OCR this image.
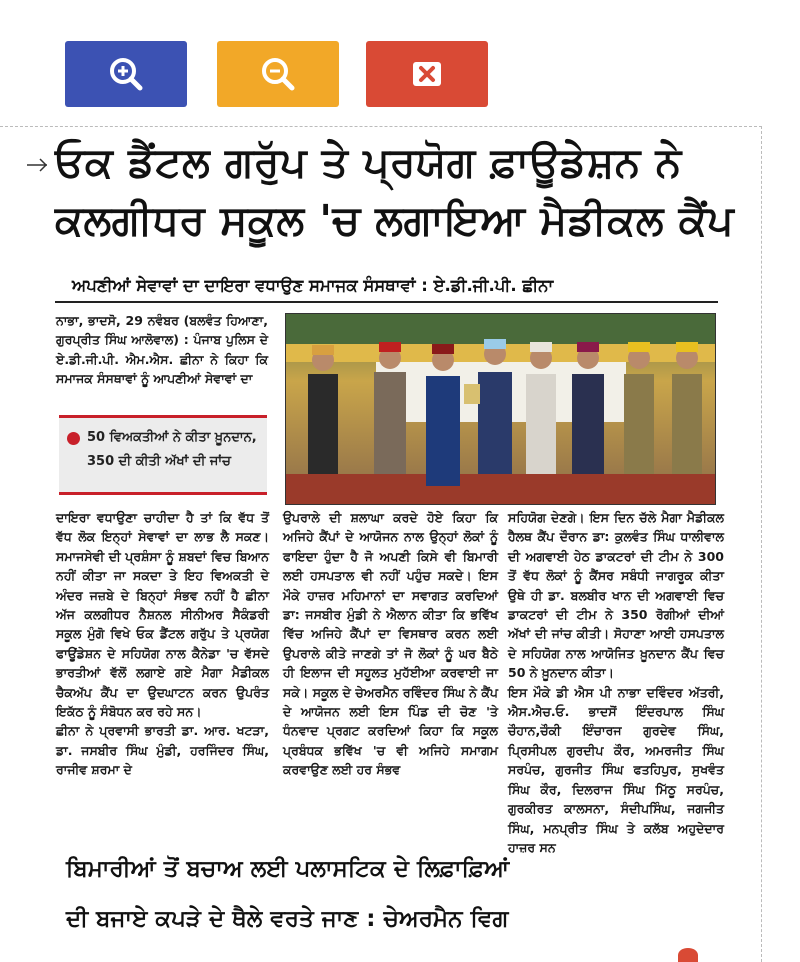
ਓਕ ਡੈਂਟਲ ਗਰੁੱਪ ਤੇ ਪ੍ਰਯੋਗ ਫ਼ਾਊਡੇਸ਼ਨ ਨੇ
ਕਲਗੀਧਰ ਸਕੂਲ 'ਚ ਲਗਾਇਆ ਮੈਡੀਕਲ ਕੈਂਪ
ਅਪਣੀਆਂ ਸੇਵਾਵਾਂ ਦਾ ਦਾਇਰਾ ਵਧਾਉਣ ਸਮਾਜਕ ਸੰਸਥਾਵਾਂ : ਏ.ਡੀ.ਜੀ.ਪੀ. ਛੀਨਾ

ਨਾਭਾ, ਭਾਦਸੋ, 29 ਨਵੰਬਰ (ਬਲਵੰਤ ਹਿਆਣਾ, ਗੁਰਪ੍ਰੀਤ ਸਿੰਘ ਆਲੋਵਾਲ) : ਪੰਜਾਬ ਪੁਲਿਸ ਦੇ ਏ.ਡੀ.ਜੀ.ਪੀ. ਐਮ.ਐਸ. ਛੀਨਾ ਨੇ ਕਿਹਾ ਕਿ ਸਮਾਜਕ ਸੰਸਥਾਵਾਂ ਨੂੰ ਆਪਣੀਆਂ ਸੇਵਾਵਾਂ ਦਾ

50 ਵਿਅਕਤੀਆਂ ਨੇ ਕੀਤਾ ਖ਼ੂਨਦਾਨ,
350 ਦੀ ਕੀਤੀ ਅੱਖਾਂ ਦੀ ਜਾਂਚ

ਦਾਇਰਾ ਵਧਾਉਣਾ ਚਾਹੀਦਾ ਹੈ ਤਾਂ ਕਿ ਵੱਧ ਤੋਂ ਵੱਧ ਲੋਕ ਇਨ੍ਹਾਂ ਸੇਵਾਵਾਂ ਦਾ ਲਾਭ ਲੈ ਸਕਣ। ਸਮਾਜਸੇਵੀ ਦੀ ਪ੍ਰਸ਼ੰਸਾ ਨੂੰ ਸ਼ਬਦਾਂ ਵਿਚ ਬਿਆਨ ਨਹੀਂ ਕੀਤਾ ਜਾ ਸਕਦਾ ਤੇ ਇਹ ਵਿਅਕਤੀ ਦੇ ਅੰਦਰ ਜਜ਼ਬੇ ਦੇ ਬਿਨ੍ਹਾਂ ਸੰਭਵ ਨਹੀਂ ਹੈ ਛੀਨਾ ਅੱਜ ਕਲਗੀਧਰ ਨੈਸ਼ਨਲ ਸੀਨੀਅਰ ਸੈਕੰਡਰੀ ਸਕੂਲ ਮੁੰਗੋ ਵਿਖੇ ਓਕ ਡੈਂਟਲ ਗਰੁੱਪ ਤੇ ਪ੍ਰਯੋਗ ਫਾਊਂਡੇਸ਼ਨ ਦੇ ਸਹਿਯੋਗ ਨਾਲ ਕੈਨੇਡਾ 'ਚ ਵੱਸਦੇ ਭਾਰਤੀਆਂ ਵੱਲੋਂ ਲਗਾਏ ਗਏ ਮੈਗਾ ਮੈਡੀਕਲ ਚੈਕਅੱਪ ਕੈਂਪ ਦਾ ਉਦਘਾਟਨ ਕਰਨ ਉਪਰੰਤ ਇਕੱਠ ਨੂੰ ਸੰਬੋਧਨ ਕਰ ਰਹੇ ਸਨ।

ਛੀਨਾ ਨੇ ਪ੍ਰਵਾਸੀ ਭਾਰਤੀ ਡਾ. ਆਰ. ਖਟੜਾ, ਡਾ. ਜਸਬੀਰ ਸਿੰਘ ਮੁੰਡੀ, ਹਰਜਿੰਦਰ ਸਿੰਘ, ਰਾਜੀਵ ਸ਼ਰਮਾ ਦੇ

ਉਪਰਾਲੇ ਦੀ ਸ਼ਲਾਘਾ ਕਰਦੇ ਹੋਏ ਕਿਹਾ ਕਿ ਅਜਿਹੇ ਕੈਂਪਾਂ ਦੇ ਆਯੋਜਨ ਨਾਲ ਉਨ੍ਹਾਂ ਲੋਕਾਂ ਨੂੰ ਫਾਇਦਾ ਹੁੰਦਾ ਹੈ ਜੋ ਅਪਣੀ ਕਿਸੇ ਵੀ ਬਿਮਾਰੀ ਲਈ ਹਸਪਤਾਲ ਵੀ ਨਹੀਂ ਪਹੁੰਚ ਸਕਦੇ। ਇਸ ਮੌਕੇ ਹਾਜ਼ਰ ਮਹਿਮਾਨਾਂ ਦਾ ਸਵਾਗਤ ਕਰਦਿਆਂ ਡਾ: ਜਸਬੀਰ ਮੁੰਡੀ ਨੇ ਐਲਾਨ ਕੀਤਾ ਕਿ ਭਵਿੱਖ ਵਿੱਚ ਅਜਿਹੇ ਕੈਂਪਾਂ ਦਾ ਵਿਸਥਾਰ ਕਰਨ ਲਈ ਉਪਰਾਲੇ ਕੀਤੇ ਜਾਣਗੇ ਤਾਂ ਜੋ ਲੋਕਾਂ ਨੂੰ ਘਰ ਬੈਠੇ ਹੀ ਇਲਾਜ ਦੀ ਸਹੂਲਤ ਮੁਹੱਈਆ ਕਰਵਾਈ ਜਾ ਸਕੇ। ਸਕੂਲ ਦੇ ਚੇਅਰਮੈਨ ਰਵਿੰਦਰ ਸਿੰਘ ਨੇ ਕੈਂਪ ਦੇ ਆਯੋਜਨ ਲਈ ਇਸ ਪਿੰਡ ਦੀ ਚੋਣ 'ਤੇ ਧੰਨਵਾਦ ਪ੍ਰਗਟ ਕਰਦਿਆਂ ਕਿਹਾ ਕਿ ਸਕੂਲ ਪ੍ਰਬੰਧਕ ਭਵਿੱਖ 'ਚ ਵੀ ਅਜਿਹੇ ਸਮਾਗਮ ਕਰਵਾਉਣ ਲਈ ਹਰ ਸੰਭਵ

ਸਹਿਯੋਗ ਦੇਣਗੇ। ਇਸ ਦਿਨ ਚੱਲੇ ਮੈਗਾ ਮੈਡੀਕਲ ਹੈਲਥ ਕੈਂਪ ਦੌਰਾਨ ਡਾ: ਕੁਲਵੰਤ ਸਿੰਘ ਧਾਲੀਵਾਲ ਦੀ ਅਗਵਾਈ ਹੇਠ ਡਾਕਟਰਾਂ ਦੀ ਟੀਮ ਨੇ 300 ਤੋਂ ਵੱਧ ਲੋਕਾਂ ਨੂੰ ਕੈਂਸਰ ਸਬੰਧੀ ਜਾਗਰੂਕ ਕੀਤਾ ਉਥੇ ਹੀ ਡਾ. ਬਲਬੀਰ ਖਾਨ ਦੀ ਅਗਵਾਈ ਵਿਚ ਡਾਕਟਰਾਂ ਦੀ ਟੀਮ ਨੇ 350 ਰੋਗੀਆਂ ਦੀਆਂ ਅੱਖਾਂ ਦੀ ਜਾਂਚ ਕੀਤੀ। ਸੋਹਾਣਾ ਆਈ ਹਸਪਤਾਲ ਦੇ ਸਹਿਯੋਗ ਨਾਲ ਆਯੋਜਿਤ ਖ਼ੂਨਦਾਨ ਕੈਂਪ ਵਿਚ 50 ਨੇ ਖ਼ੂਨਦਾਨ ਕੀਤਾ।

ਇਸ ਮੌਕੇ ਡੀ ਐਸ ਪੀ ਨਾਭਾ ਦਵਿੰਦਰ ਅੱਤਰੀ, ਐਸ.ਐਚ.ਓ. ਭਾਦਸੋਂ ਇੰਦਰਪਾਲ ਸਿੰਘ ਚੌਹਾਨ,ਚੌਕੀ ਇੰਚਾਰਜ ਗੁਰਦੇਵ ਸਿੰਘ, ਪਿ੍ਰਸੀਪਲ ਗੁਰਦੀਪ ਕੌਰ, ਅਮਰਜੀਤ ਸਿੰਘ ਸਰਪੰਚ, ਗੁਰਜੀਤ ਸਿੰਘ ਫਤਹਿਪੁਰ, ਸੁਖਵੰਤ ਸਿੰਘ ਕੌਰ, ਦਿਲਰਾਜ ਸਿੰਘ ਮਿੱਠੂ ਸਰਪੰਚ, ਗੁਰਕੀਰਤ ਕਾਲਸਨਾ, ਸੰਦੀਪਸਿੰਘ, ਜਗਜੀਤ ਸਿੰਘ, ਮਨਪ੍ਰੀਤ ਸਿੰਘ ਤੇ ਕਲੱਬ ਅਹੁਦੇਦਾਰ ਹਾਜ਼ਰ ਸਨ

ਬਿਮਾਰੀਆਂ ਤੋਂ ਬਚਾਅ ਲਈ ਪਲਾਸਟਿਕ ਦੇ ਲਿਫ਼ਾਫ਼ਿਆਂ
ਦੀ ਬਜਾਏ ਕਪੜੇ ਦੇ ਥੈਲੇ ਵਰਤੇ ਜਾਣ : ਚੇਅਰਮੈਨ ਵਿਗ
